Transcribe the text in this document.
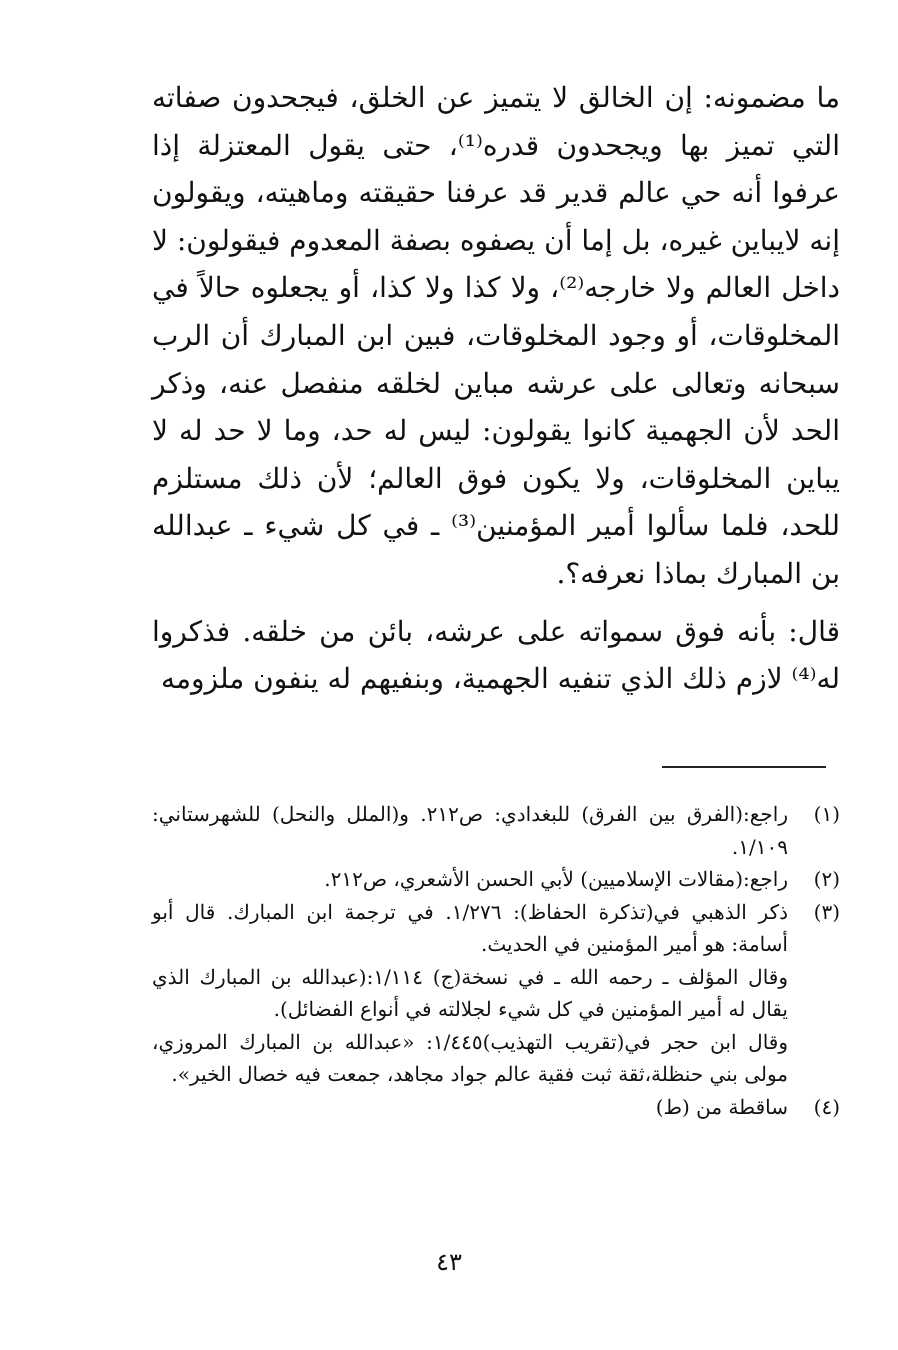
ما مضمونه: إن الخالق لا يتميز عن الخلق، فيجحدون صفاته التي تميز بها ويجحدون قدره⁽¹⁾، حتى يقول المعتزلة إذا عرفوا أنه حي عالم قدير قد عرفنا حقيقته وماهيته، ويقولون إنه لايباين غيره، بل إما أن يصفوه بصفة المعدوم فيقولون: لا داخل العالم ولا خارجه⁽²⁾، ولا كذا ولا كذا، أو يجعلوه حالاً في المخلوقات، أو وجود المخلوقات، فبين ابن المبارك أن الرب سبحانه وتعالى على عرشه مباين لخلقه منفصل عنه، وذكر الحد لأن الجهمية كانوا يقولون: ليس له حد، وما لا حد له لا يباين المخلوقات، ولا يكون فوق العالم؛ لأن ذلك مستلزم للحد، فلما سألوا أمير المؤمنين⁽³⁾ ـ في كل شيء ـ عبدالله بن المبارك بماذا نعرفه؟.

قال: بأنه فوق سمواته على عرشه، بائن من خلقه. فذكروا له⁽⁴⁾ لازم ذلك الذي تنفيه الجهمية، وبنفيهم له ينفون ملزومه

(١)

راجع:(الفرق بين الفرق) للبغدادي: ص٢١٢. و(الملل والنحل) للشهرستاني: ١/١٠٩.

(٢)

راجع:(مقالات الإسلاميين) لأبي الحسن الأشعري، ص٢١٢.

(٣)

ذكر الذهبي في(تذكرة الحفاظ): ١/٢٧٦. في ترجمة ابن المبارك. قال أبو أسامة: هو أمير المؤمنين في الحديث.

وقال المؤلف ـ رحمه الله ـ في نسخة(ج) ١/١١٤:(عبدالله بن المبارك الذي يقال له أمير المؤمنين في كل شيء لجلالته في أنواع الفضائل).

وقال ابن حجر في(تقريب التهذيب)١/٤٤٥: «عبدالله بن المبارك المروزي، مولى بني حنظلة،ثقة ثبت فقية عالم جواد مجاهد، جمعت فيه خصال الخير».

(٤)

ساقطة من (ط)

٤٣
